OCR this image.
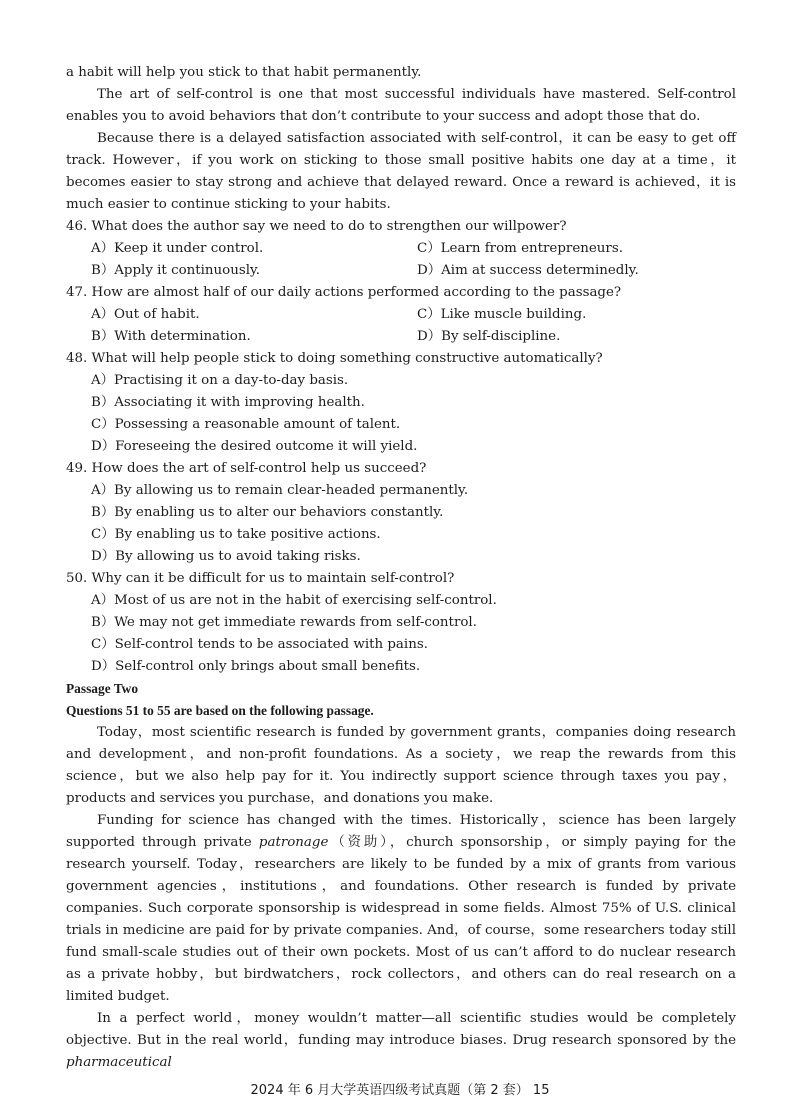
a habit will help you stick to that habit permanently.

The art of self-control is one that most successful individuals have mastered. Self-control enables you to avoid behaviors that don’t contribute to your success and adopt those that do.

Because there is a delayed satisfaction associated with self-control，it can be easy to get off track. However，if you work on sticking to those small positive habits one day at a time，it becomes easier to stay strong and achieve that delayed reward. Once a reward is achieved，it is much easier to continue sticking to your habits.

46. What does the author say we need to do to strengthen our willpower?
A）Keep it under control.	C）Learn from entrepreneurs.
B）Apply it continuously.	D）Aim at success determinedly.
47. How are almost half of our daily actions performed according to the passage?
A）Out of habit.	C）Like muscle building.
B）With determination.	D）By self-discipline.
48. What will help people stick to doing something constructive automatically?
A）Practising it on a day-to-day basis.
B）Associating it with improving health.
C）Possessing a reasonable amount of talent.
D）Foreseeing the desired outcome it will yield.
49. How does the art of self-control help us succeed?
A）By allowing us to remain clear-headed permanently.
B）By enabling us to alter our behaviors constantly.
C）By enabling us to take positive actions.
D）By allowing us to avoid taking risks.
50. Why can it be difficult for us to maintain self-control?
A）Most of us are not in the habit of exercising self-control.
B）We may not get immediate rewards from self-control.
C）Self-control tends to be associated with pains.
D）Self-control only brings about small benefits.
Passage Two
Questions 51 to 55 are based on the following passage.

Today，most scientific research is funded by government grants，companies doing research and development，and non-profit foundations. As a society，we reap the rewards from this science，but we also help pay for it. You indirectly support science through taxes you pay，products and services you purchase，and donations you make.

Funding for science has changed with the times. Historically，science has been largely supported through private patronage（资助），church sponsorship，or simply paying for the research yourself. Today，researchers are likely to be funded by a mix of grants from various government agencies，institutions，and foundations. Other research is funded by private companies. Such corporate sponsorship is widespread in some fields. Almost 75% of U.S. clinical trials in medicine are paid for by private companies. And，of course，some researchers today still fund small-scale studies out of their own pockets. Most of us can’t afford to do nuclear research as a private hobby，but birdwatchers，rock collectors，and others can do real research on a limited budget.

In a perfect world，money wouldn’t matter—all scientific studies would be completely objective. But in the real world，funding may introduce biases. Drug research sponsored by the pharmaceutical

2024 年 6 月大学英语四级考试真题（第 2 套） 15
